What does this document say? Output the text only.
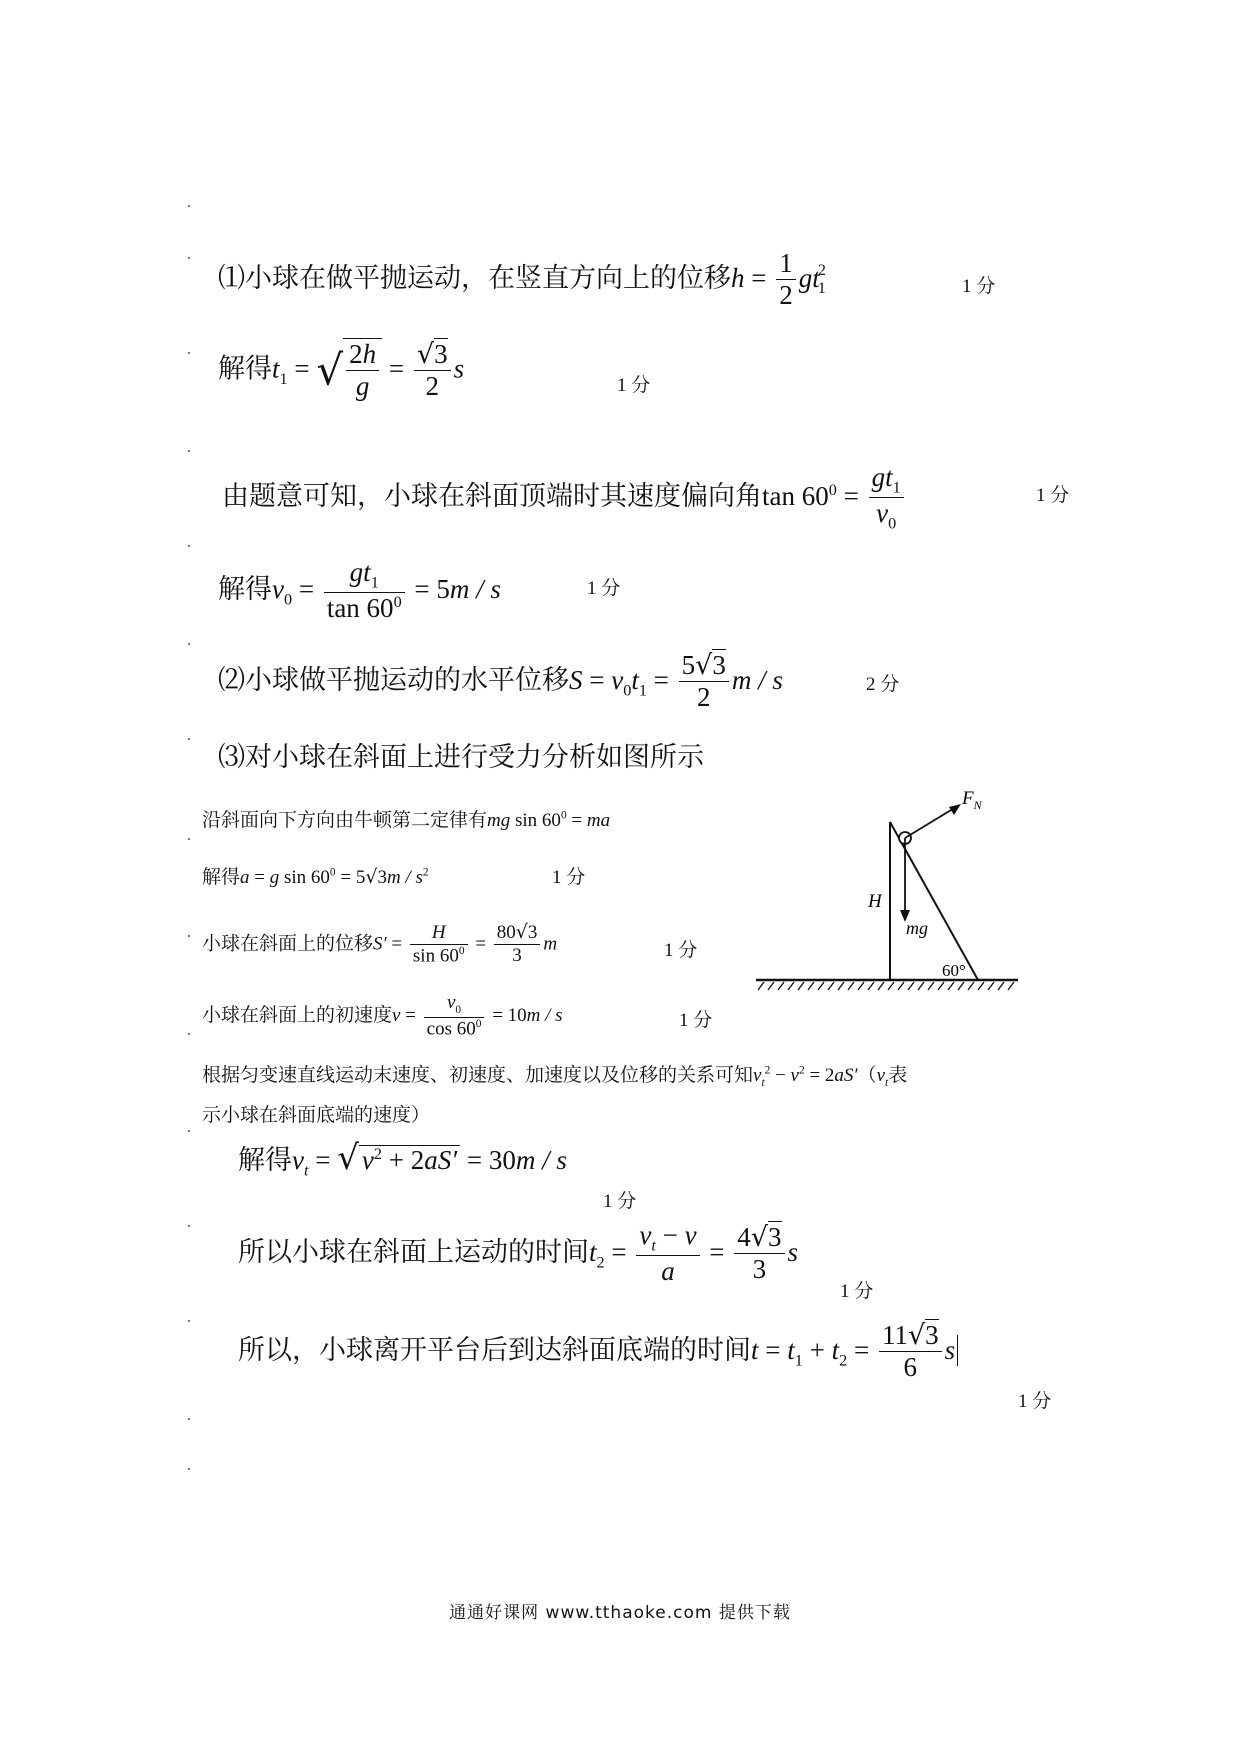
⑴小球在做平抛运动，在竖直方向上的位移$h = \frac{1}{2} gt_1^2$
1 分
解得$t_1$ = √ $\frac{2h}{g} = \frac{√3}{2}$ s
1 分
由题意可知，小球在斜面顶端时其速度偏向角$\tan 60^0 = \frac{gt_1}{v_0}$	1 分
解得$v_0 = \frac{gt_1}{\tan 60^0} = 5m / s$	1 分
⑵小球做平抛运动的水平位移$S = v_0t_1 = \frac{5√3}{2}$ m / s	2 分
⑶对小球在斜面上进行受力分析如图所示
沿斜面向下方向由牛顿第二定律有mg $\sin 60^0$ = ma
解得a = g $\sin 60^0 = 5√3m / s^2$	1 分
小球在斜面上的位移$S' = \frac{H}{\sin 60^0} = \frac{80√3}{3}$ m	1 分
小球在斜面上的初速度$v = \frac{v_0}{\cos 60^0} = 10m / s$	1 分
根据匀变速直线运动末速度、初速度、加速度以及位移的关系可知$v_t^2 - v^2 = 2aS'(v_t$表
示小球在斜面底端的速度）
解得$v_t$ = √ $v^2 + 2aS' = 30m / s$
1 分
所以小球在斜面上运动的时间$t_2 = \frac{v_t - v}{a} = \frac{4√3}{3}$ s
1 分
所以，小球离开平台后到达斜面底端的时间$t = t_1 + t_2 = \frac{11√3}{6}$ s
1 分
$F_N$
H
mg
60°
通通好课网 www.tthaoke.com 提供下载
